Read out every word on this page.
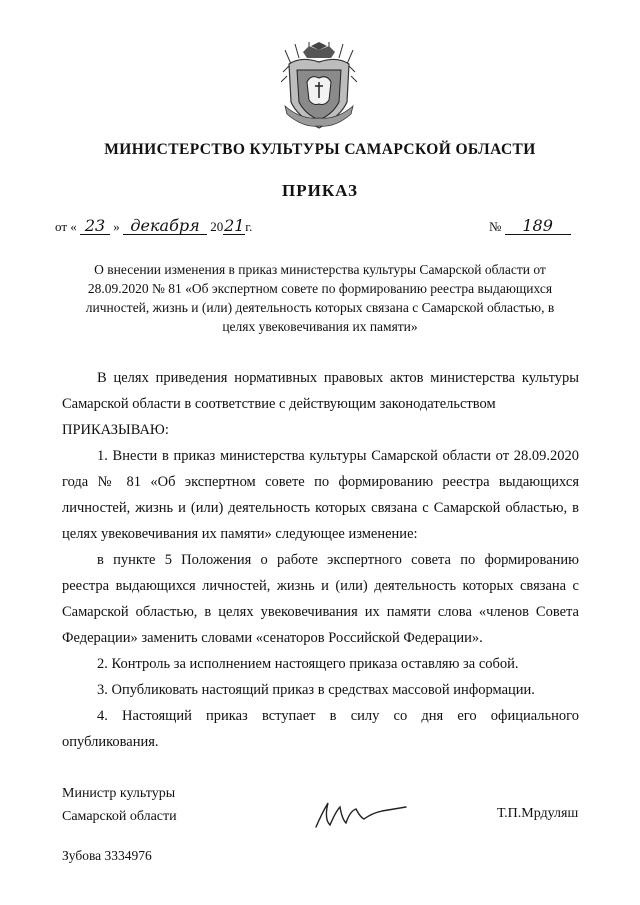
МИНИСТЕРСТВО КУЛЬТУРЫ САМАРСКОЙ ОБЛАСТИ
ПРИКАЗ
от « 23 » декабря 2021г.	№ 189
О внесении изменения в приказ министерства культуры Самарской области от 28.09.2020 № 81 «Об экспертном совете по формированию реестра выдающихся личностей, жизнь и (или) деятельность которых связана с Самарской областью, в целях увековечивания их памяти»

В целях приведения нормативных правовых актов министерства культуры Самарской области в соответствие с действующим законодательством

ПРИКАЗЫВАЮ:

1. Внести в приказ министерства культуры Самарской области от 28.09.2020 года № 81 «Об экспертном совете по формированию реестра выдающихся личностей, жизнь и (или) деятельность которых связана с Самарской областью, в целях увековечивания их памяти» следующее изменение:

в пункте 5 Положения о работе экспертного совета по формированию реестра выдающихся личностей, жизнь и (или) деятельность которых связана с Самарской областью, в целях увековечивания их памяти слова «членов Совета Федерации» заменить словами «сенаторов Российской Федерации».

2. Контроль за исполнением настоящего приказа оставляю за собой.

3. Опубликовать настоящий приказ в средствах массовой информации.

4. Настоящий приказ вступает в силу со дня его официального опубликования.

Министр культуры
Самарской области	Т.П.Мрдуляш
Зубова 3334976
